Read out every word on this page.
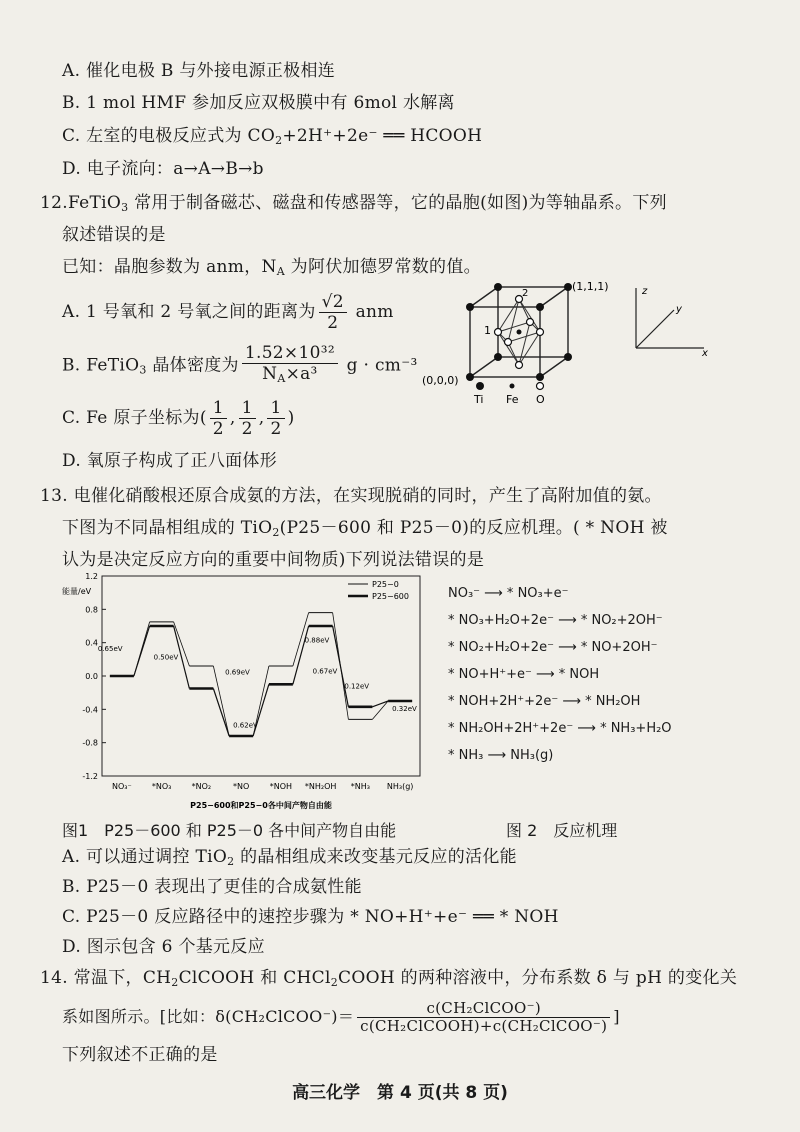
A. 催化电极 B 与外接电源正极相连
B. 1 mol HMF 参加反应双极膜中有 6mol 水解离
C. 左室的电极反应式为 $CO_2+2H^++2e^-$ ══ HCOOH
D. 电子流向：a→A→B→b
12.FeTiO$_3$ 常用于制备磁芯、磁盘和传感器等，它的晶胞(如图)为等轴晶系。下列
叙述错误的是
已知：晶胞参数为 anm，$N_A$ 为阿伏加德罗常数的值。
A. 1 号氧和 2 号氧之间的距离为 $\frac{√2}{2}$ anm
B. FeTiO$_3$ 晶体密度为 $\frac{\text{1.52×10³²}}{N_A\times a^3}$ g · cm⁻³
C. Fe 原子坐标为( $\frac{1}{2}$ , $\frac{1}{2}$ , $\frac{1}{2}$ )
D. 氧原子构成了正八面体形
1
2
(1,1,1)
(0,0,0)
Ti Fe O
x
z
y
13. 电催化硝酸根还原合成氨的方法，在实现脱硝的同时，产生了高附加值的氨。
下图为不同晶相组成的 TiO$_2$(P25－600 和 P25－0)的反应机理。( * NOH 被
认为是决定反应方向的重要中间物质)下列说法错误的是
1.2
0.8
0.4
0.0
-0.4
-0.8
-1.2
能量/eV
NO₃⁻	*NO₃	*NO₂	*NO	*NOH *NH₂OH *NH₃ NH₃(g)
P25−600和P25−0各中间产物自由能
P25−0
P25−600
0.65eV
0.50eV
0.69eV
0.62eV
0.88eV
0.67eV
0.12eV
0.32eV
NO₃⁻ ⟶ * NO₃+e⁻
* NO₃+H₂O+2e⁻ ⟶ * NO₂+2OH⁻
* NO₂+H₂O+2e⁻ ⟶ * NO+2OH⁻
* NO+H⁺+e⁻ ⟶ * NOH
* NOH+2H⁺+2e⁻ ⟶ * NH₂OH
* NH₂OH+2H⁺+2e⁻ ⟶ * NH₃+H₂O
* NH₃ ⟶ NH₃(g)
图1　P25－600 和 P25－0 各中间产物自由能	图 2　反应机理
A. 可以通过调控 TiO$_2$ 的晶相组成来改变基元反应的活化能
B. P25－0 表现出了更佳的合成氨性能
C. P25－0 反应路径中的速控步骤为 * NO+H⁺+e⁻ ══ * NOH
D. 图示包含 6 个基元反应
14. 常温下，$CH_2ClCOOH$ 和 CHCl$_2$COOH 的两种溶液中，分布系数 δ 与 pH 的变化关
系如图所示。[比如：δ(CH₂ClCOO⁻)＝ $\frac{\text{c(CH₂ClCOO⁻)}}{\text{c(CH₂ClCOOH)+c(CH₂ClCOO⁻)}}$ ]
下列叙述不正确的是
高三化学　第 4 页(共 8 页)
